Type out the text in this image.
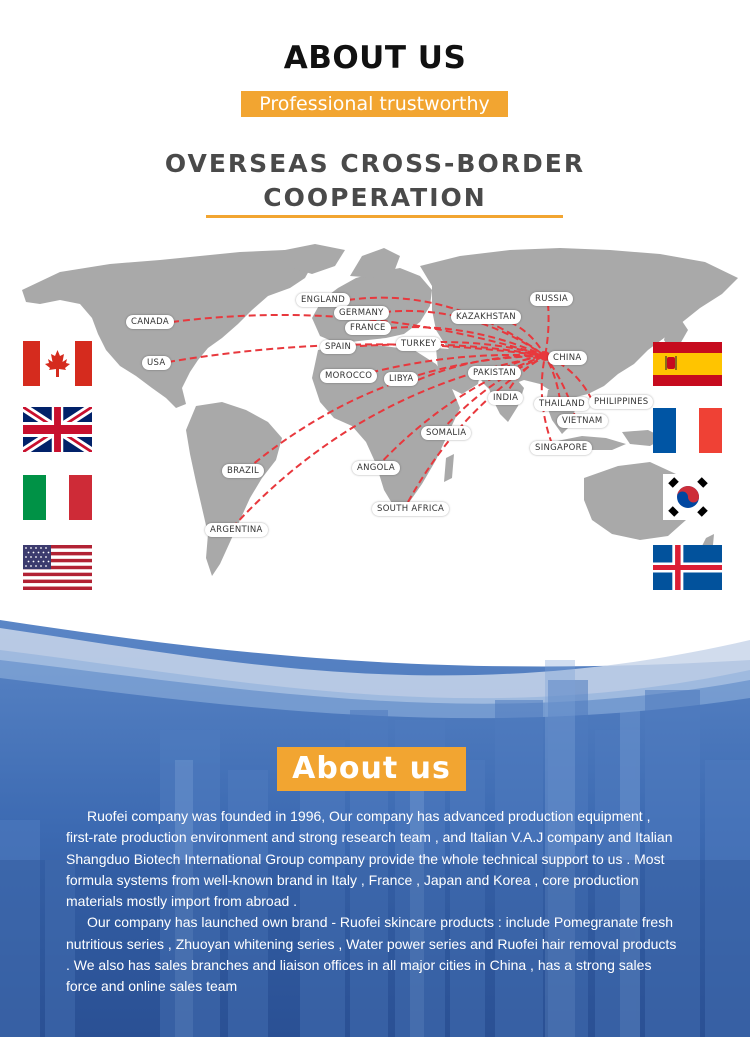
ABOUT US
Professional trustworthy
OVERSEAS CROSS-BORDER
COOPERATION
ENGLAND
GERMANY
FRANCE
SPAIN
CANADA
USA
KAZAKHSTAN
RUSSIA
TURKEY
CHINA
MOROCCO	LIBYA
PAKISTAN
INDIA
THAILAND	PHILIPPINES
VIETNAM
SOMALIA
SINGAPORE
BRAZIL	ANGOLA
SOUTH AFRICA
ARGENTINA
About us

Ruofei company was founded in 1996, Our company has advanced production equipment , first-rate production environment and strong research team , and Italian V.A.J company and Italian Shangduo Biotech International Group company provide the whole technical support to us . Most formula systems from well-known brand in Italy , France , Japan and Korea , core production materials mostly import from abroad .

Our company has launched own brand - Ruofei skincare products : include Pomegranate fresh nutritious series , Zhuoyan whitening series , Water power series and Ruofei hair removal products . We also has sales branches and liaison offices in all major cities in China , has a strong sales force and online sales team
